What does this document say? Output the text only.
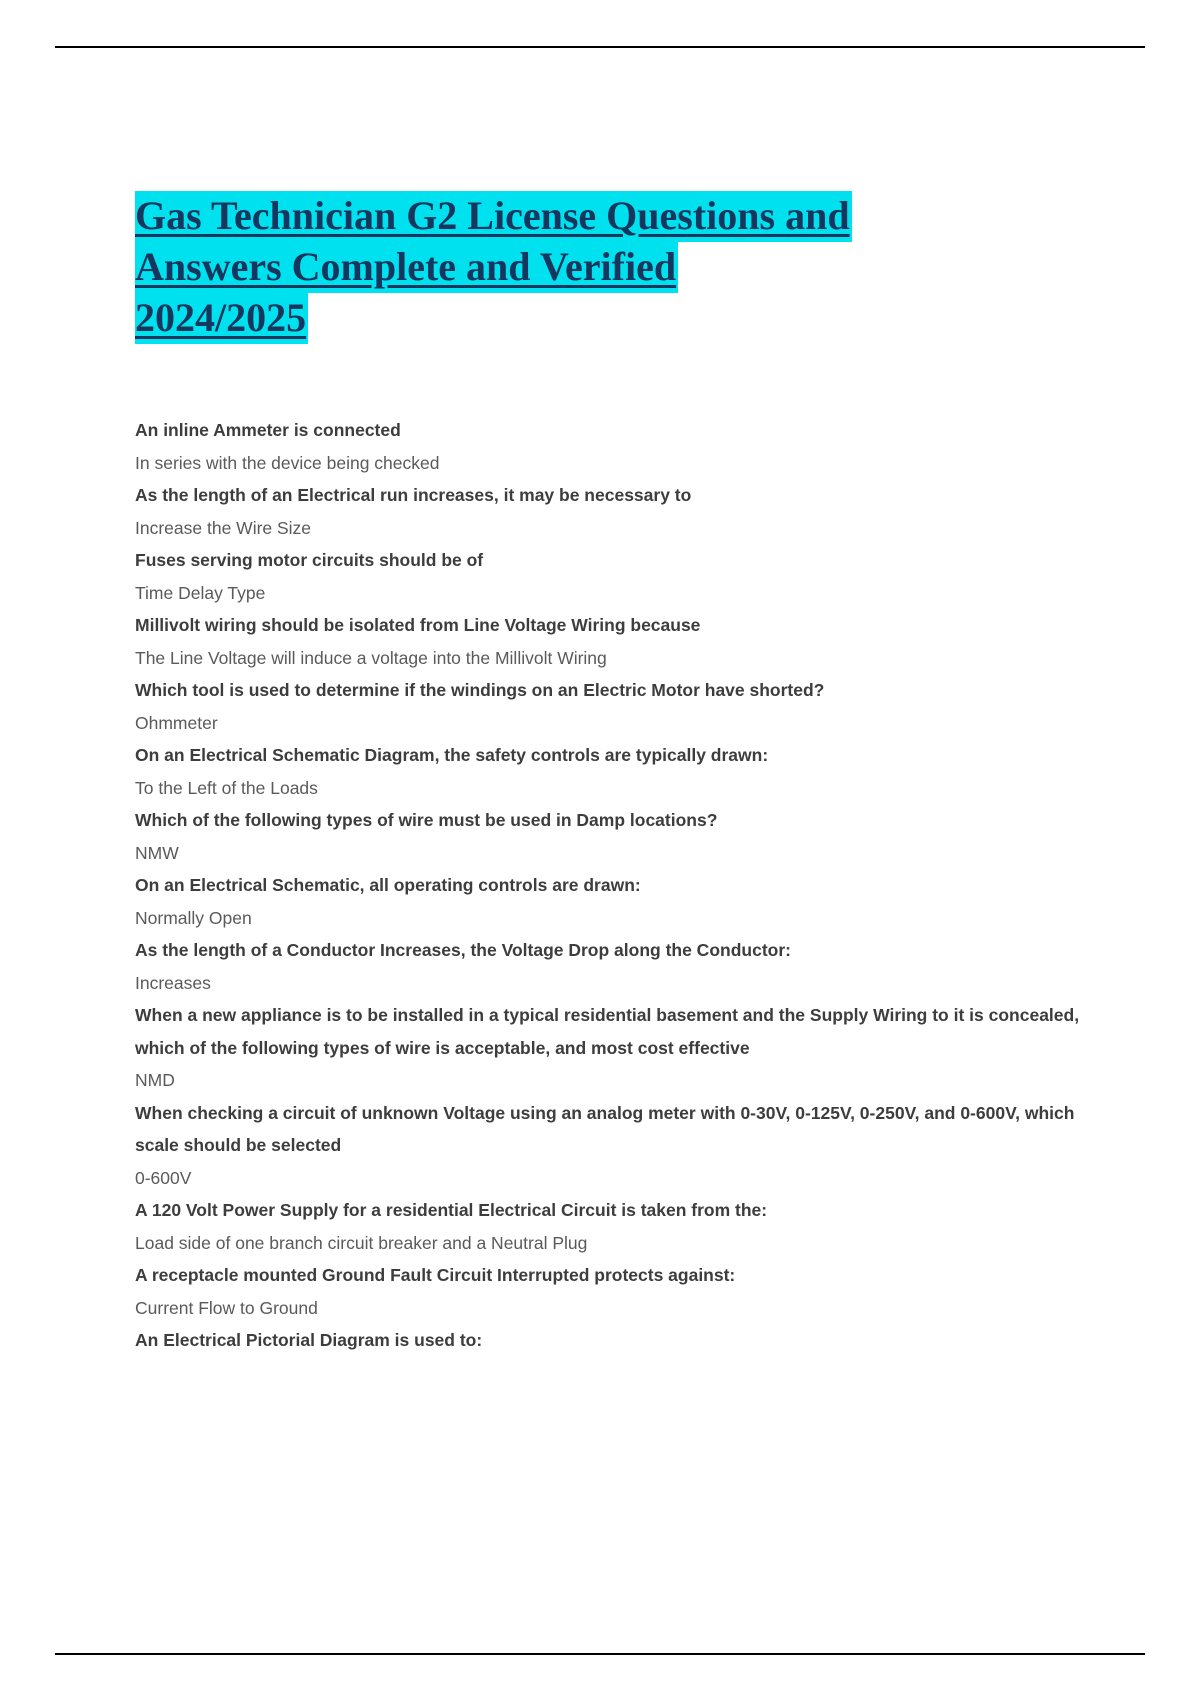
Gas Technician G2 License Questions and
Answers Complete and Verified
2024/2025

An inline Ammeter is connected

In series with the device being checked

As the length of an Electrical run increases, it may be necessary to

Increase the Wire Size

Fuses serving motor circuits should be of

Time Delay Type

Millivolt wiring should be isolated from Line Voltage Wiring because

The Line Voltage will induce a voltage into the Millivolt Wiring

Which tool is used to determine if the windings on an Electric Motor have shorted?

Ohmmeter

On an Electrical Schematic Diagram, the safety controls are typically drawn:

To the Left of the Loads

Which of the following types of wire must be used in Damp locations?

NMW

On an Electrical Schematic, all operating controls are drawn:

Normally Open

As the length of a Conductor Increases, the Voltage Drop along the Conductor:

Increases

When a new appliance is to be installed in a typical residential basement and the Supply Wiring to it is concealed, which of the following types of wire is acceptable, and most cost effective

NMD

When checking a circuit of unknown Voltage using an analog meter with 0-30V, 0-125V, 0-250V, and 0-600V, which scale should be selected

0-600V

A 120 Volt Power Supply for a residential Electrical Circuit is taken from the:

Load side of one branch circuit breaker and a Neutral Plug

A receptacle mounted Ground Fault Circuit Interrupted protects against:

Current Flow to Ground

An Electrical Pictorial Diagram is used to:
